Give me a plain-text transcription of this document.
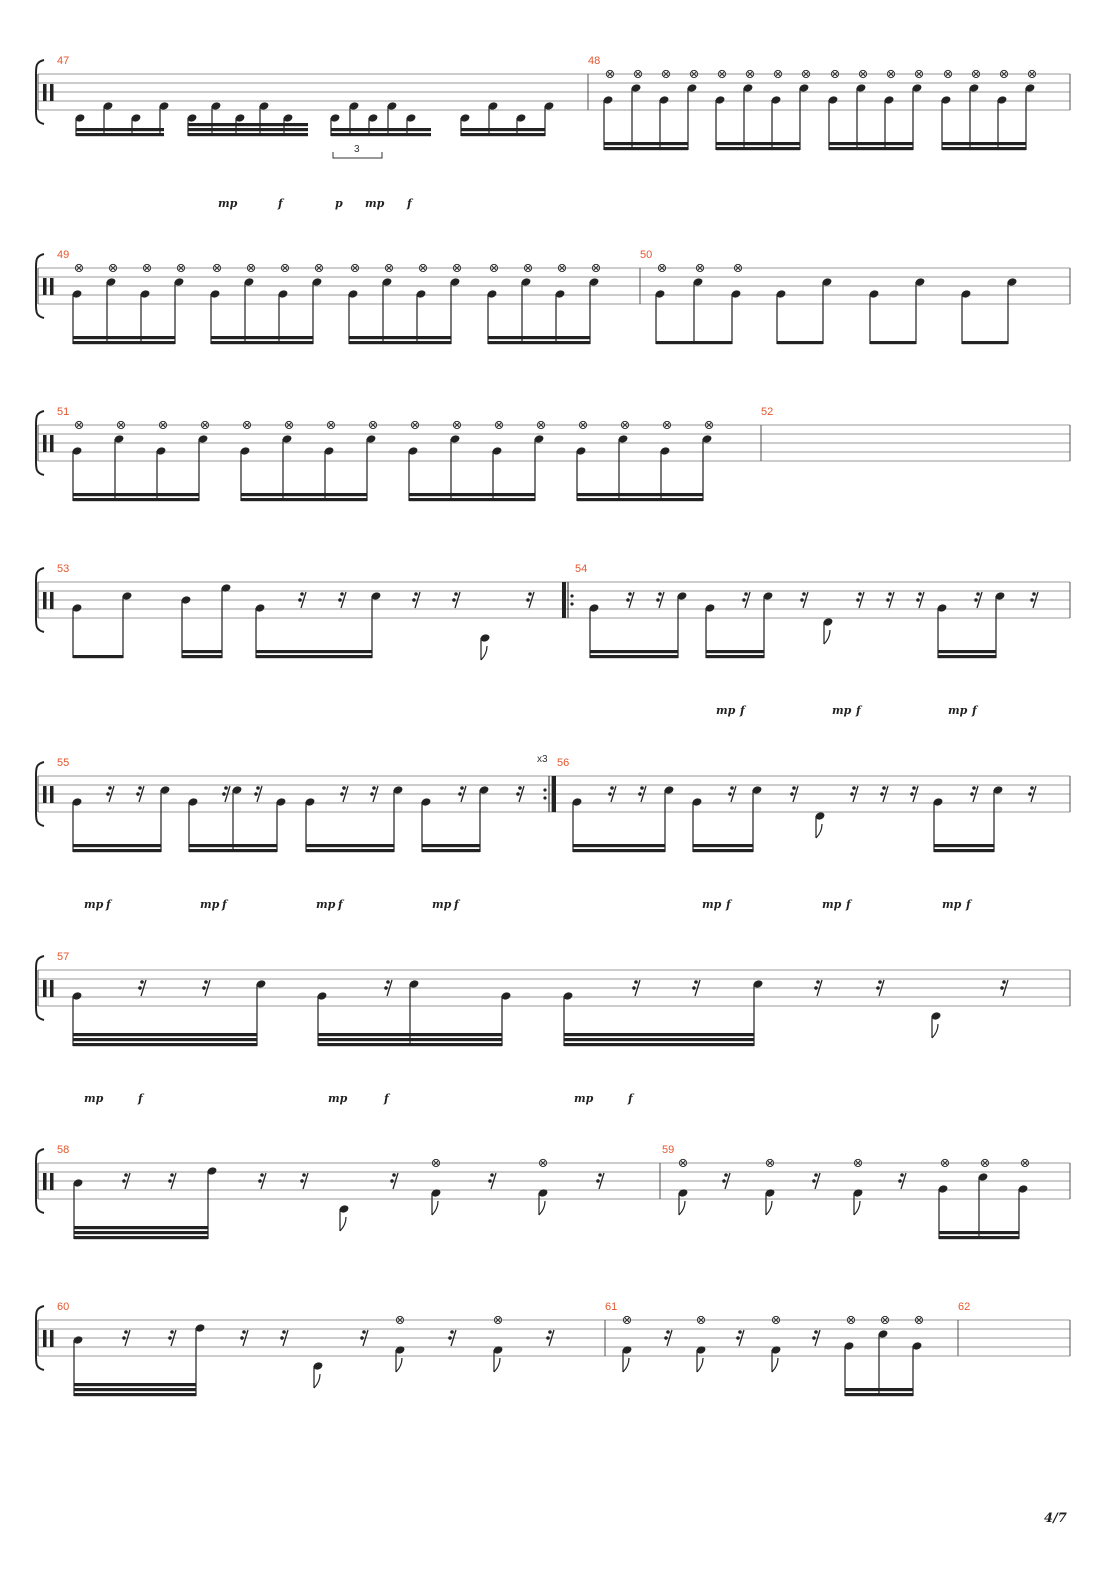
47	48
3
mp	f	p mp f
49	50
51	52
53	54
mp f	mp f	mp f
55	56
x3
mp f	mp f	mp f	mp f	mp f	mp f	mp f
57
mp	f	mp	f	mp	f
58	59
60	61	62
4/7
